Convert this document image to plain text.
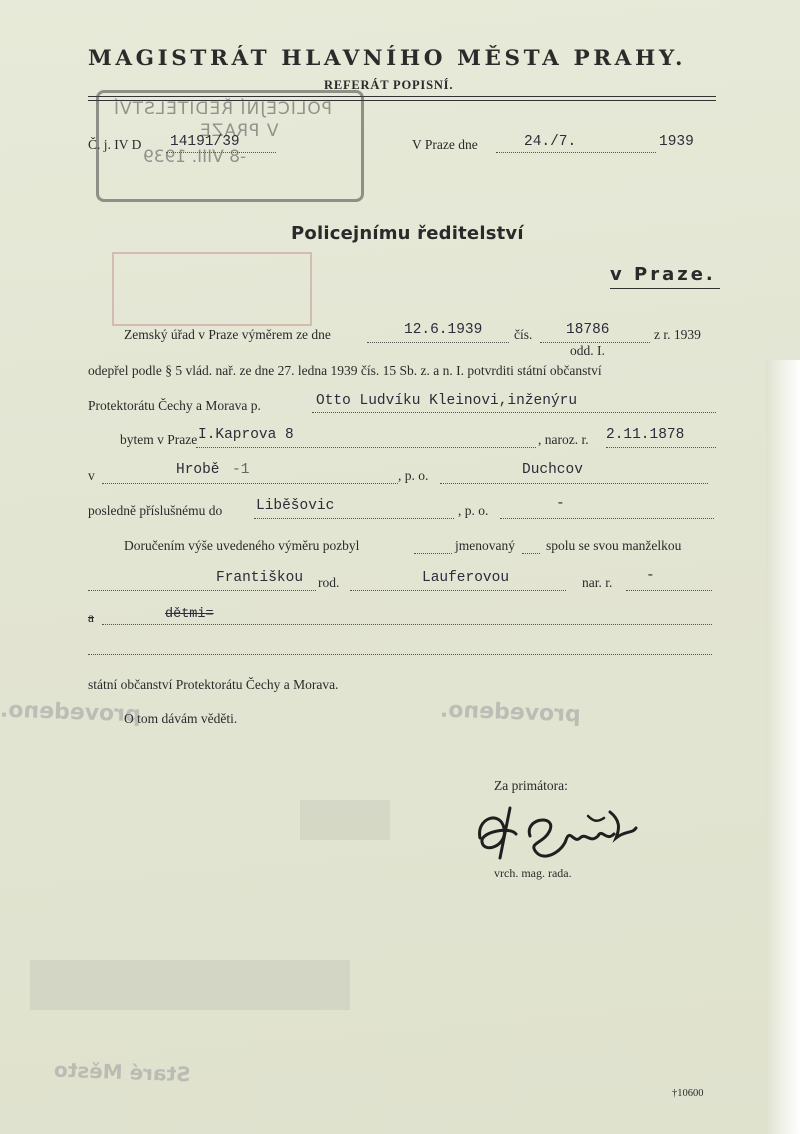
MAGISTRÁT HLAVNÍHO MĚSTA PRAHY.
REFERÁT POPISNÍ.
POLICEJNÍ ŘEDITELSTVÍ
V PRAZE
-8 VIII. 1939
Č. j. IV D 14191/39	V Praze dne	24./7.	1939
Policejnímu ředitelství
v Praze.
Zemský úřad v Praze výměrem ze dne	12.6.1939 čís. 18786	z r. 1939
odd. I.
odepřel podle § 5 vlád. nař. ze dne 27. ledna 1939 čís. 15 Sb. z. a n. I. potvrditi státní občanství
Protektorátu Čechy a Morava p.	Otto Ludvíku Kleinovi,inženýru
bytem v Praze I.Kaprova 8	, naroz. r. 2.11.1878
v	Hrobě -1	, p. o.	Duchcov
posledně příslušnému do Liběšovic	, p. o.	-
Doručením výše uvedeného výměru pozbyl	jmenovaný spolu se svou manželkou
Františkou rod.	Lauferovou	nar. r. -
a	dětmi=
státní občanství Protektorátu Čechy a Morava.
O tom dávám věděti.
provedeno.	provedeno.
Staré Město
Za primátora:
vrch. mag. rada.
†10600
